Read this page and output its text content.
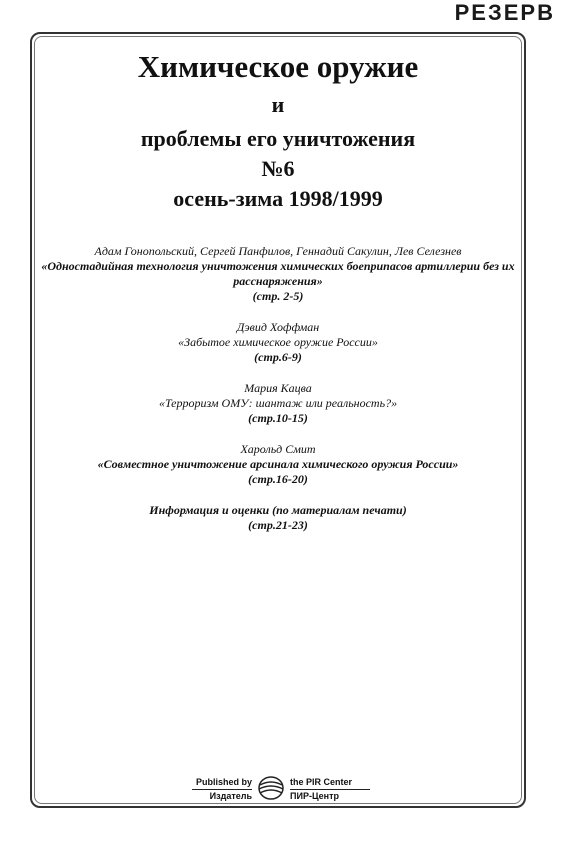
РЕЗЕРВ
Химическое оружие
и
проблемы его уничтожения
№6
осень-зима 1998/1999
Адам Гонопольский, Сергей Панфилов, Геннадий Сакулин, Лев Селезнев
«Одностадийная технология уничтожения химических боеприпасов артиллерии без их расснаряжения»
(стр. 2-5)
Дэвид Хоффман
«Забытое химическое оружие России»
(стр.6-9)
Мария Кацва
«Терроризм ОМУ: шантаж или реальность?»
(стр.10-15)
Харольд Смит
«Совместное уничтожение арсинала химического оружия России»
(стр.16-20)
Информация и оценки (по материалам печати)
(стр.21-23)
Published by
Издатель
the PIR Center
ПИР-Центр
